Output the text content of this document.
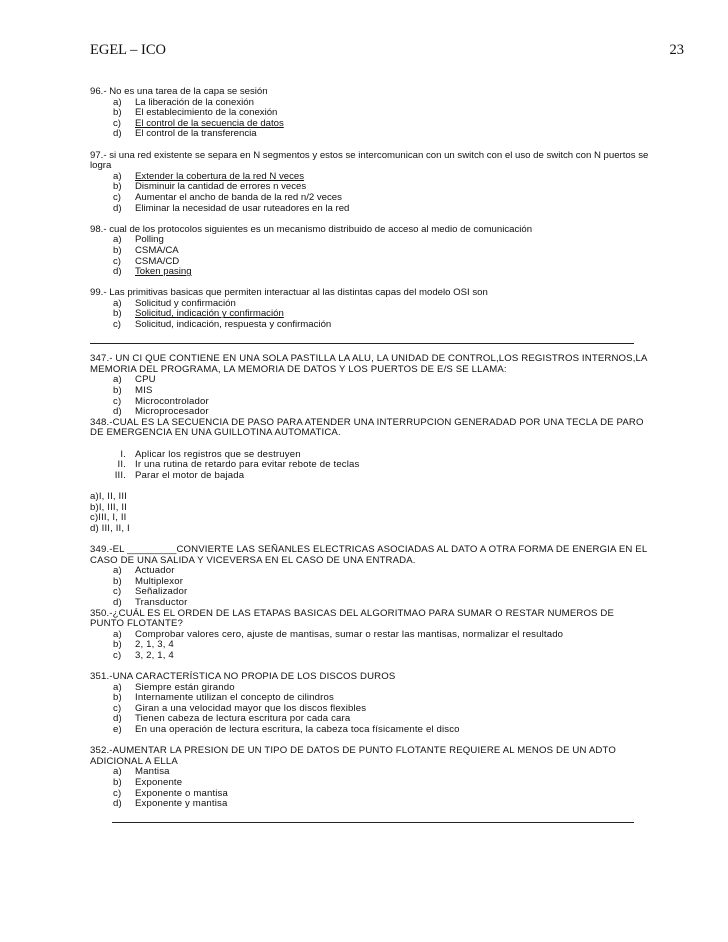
EGEL – ICO	23
96.- No es una tarea de la capa se sesión
a) La liberación de la conexión
b) El establecimiento de la conexión
c) El control de la secuencia de datos
d) El control de la transferencia
97.- si una red existente se separa en N segmentos y estos se intercomunican con un switch con el uso de switch con N puertos se logra
a) Extender la cobertura de la red N veces
b) Disminuir la cantidad de errores n veces
c) Aumentar el ancho de banda de la red n/2 veces
d) Eliminar la necesidad de usar ruteadores en la red
98.- cual de los protocolos siguientes es un mecanismo distribuido de acceso al medio de comunicación
a) Polling
b) CSMA/CA
c) CSMA/CD
d) Token pasing
99.- Las primitivas basicas que permiten interactuar al las distintas capas del modelo OSI son
a) Solicitud y confirmación
b) Solicitud, indicación y confirmación
c) Solicitud, indicación, respuesta y confirmación
347.- UN CI QUE CONTIENE EN UNA SOLA PASTILLA LA ALU, LA UNIDAD DE CONTROL,LOS REGISTROS INTERNOS,LA MEMORIA DEL PROGRAMA, LA MEMORIA DE DATOS Y LOS PUERTOS DE E/S SE LLAMA:
a) CPU
b) MIS
c) Microcontrolador
d) Microprocesador
348.-CUAL ES LA SECUENCIA DE PASO PARA ATENDER UNA INTERRUPCION GENERADAD POR UNA TECLA DE PARO DE EMERGENCIA EN UNA GUILLOTINA AUTOMATICA.
I. Aplicar los registros que se destruyen
II. Ir una rutina de retardo para evitar rebote de teclas
III. Parar el motor de bajada
a)I, II, III
b)I, III, II
c)III, I, II
d) III, II, I
349.-EL _________CONVIERTE LAS SEÑANLES ELECTRICAS ASOCIADAS AL DATO A OTRA FORMA DE ENERGIA EN EL CASO DE UNA SALIDA Y VICEVERSA EN EL CASO DE UNA ENTRADA.
a) Actuador
b) Multiplexor
c) Señalizador
d) Transductor
350.-¿CUÁL ES EL ORDEN DE LAS ETAPAS BASICAS DEL ALGORITMAO PARA SUMAR O RESTAR NUMEROS DE PUNTO FLOTANTE?
a) Comprobar valores cero, ajuste de mantisas, sumar o restar las mantisas, normalizar el resultado
b) 2, 1, 3, 4
c) 3, 2, 1, 4
351.-UNA CARACTERÍSTICA NO PROPIA DE LOS DISCOS DUROS
a) Siempre están girando
b) Internamente utilizan el concepto de cilindros
c) Giran a una velocidad mayor que los discos flexibles
d) Tienen cabeza de lectura escritura por cada cara
e) En una operación de lectura escritura, la cabeza toca físicamente el disco
352.-AUMENTAR LA PRESION DE UN TIPO DE DATOS DE PUNTO FLOTANTE REQUIERE AL MENOS DE UN ADTO ADICIONAL A ELLA
a) Mantisa
b) Exponente
c) Exponente o mantisa
d) Exponente y mantisa
